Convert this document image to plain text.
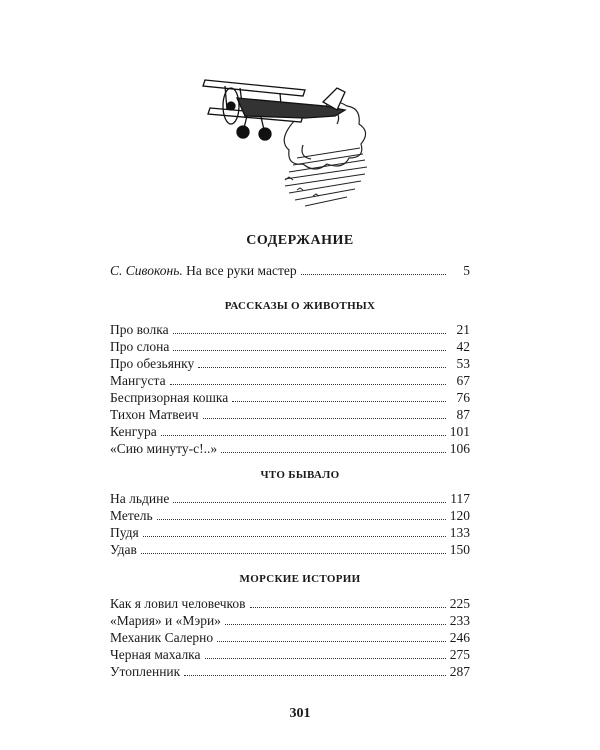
СОДЕРЖАНИЕ
С. Сивоконь. На все руки мастер	5
РАССКАЗЫ О ЖИВОТНЫХ
Про волка	21
Про слона	42
Про обезьянку	53
Мангуста	67
Беспризорная кошка	76
Тихон Матвеич	87
Кенгура	101
«Сию минуту-с!..»	106
ЧТО БЫВАЛО
На льдине	117
Метель	120
Пудя	133
Удав	150
МОРСКИЕ ИСТОРИИ
Как я ловил человечков	225
«Мария» и «Мэри»	233
Механик Салерно	246
Черная махалка	275
Утопленник	287
301
